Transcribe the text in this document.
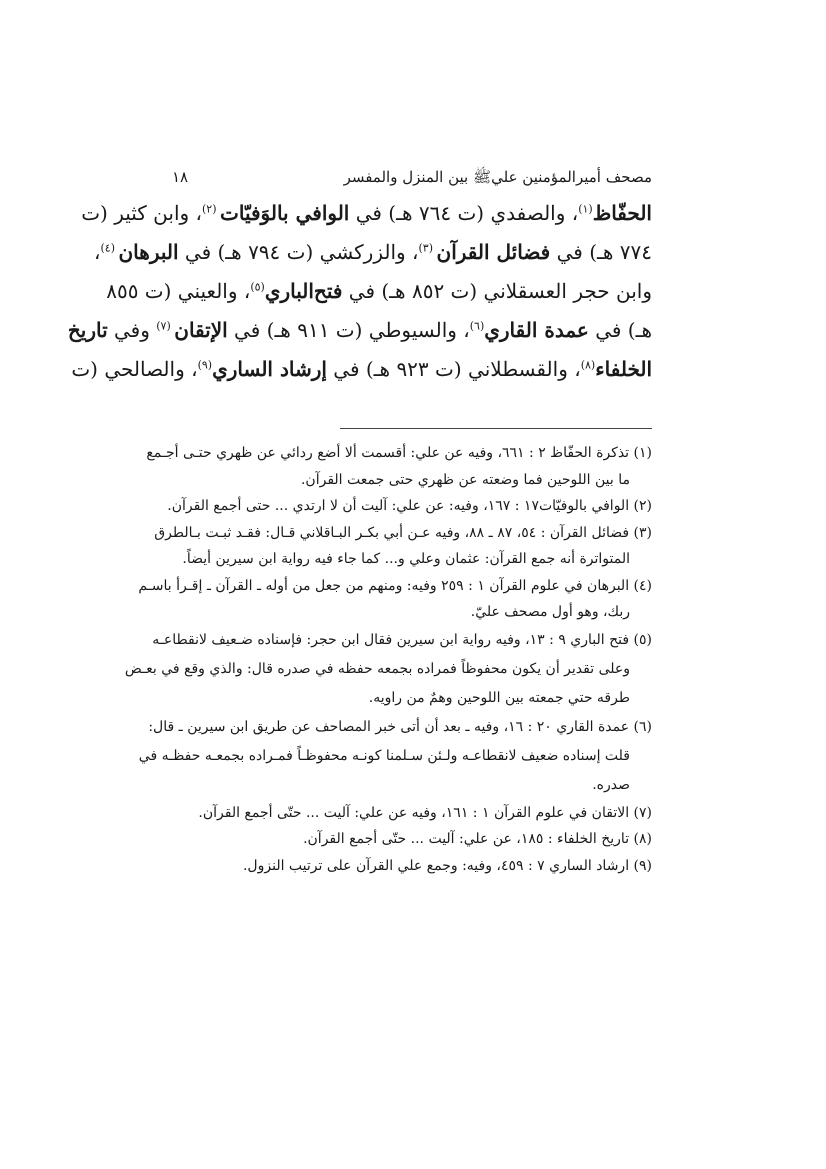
مصحف أميرالمؤمنين علي‌ﷺ بين المنزل والمفسر
١٨
الحفّاظ$^{(١)}$، والصفدي (ت ٧٦٤ هـ) في الوافي بالوَفيّات $^{(٢)}$، وابن كثير (ت
٧٧٤ هـ) في فضائل القرآن $^{(٣)}$، والزركشي (ت ٧٩٤ هـ) في البرهان $^{(٤)}$،
وابن حجر العسقلاني (ت ٨٥٢ هـ) في فتح‌الباري$^{(٥)}$، والعيني (ت ٨٥٥
هـ) في عمدة القاري$^{(٦)}$، والسيوطي (ت ٩١١ هـ) في الإتقان $^{(٧)}$ وفي تاريخ
الخلفاء$^{(٨)}$، والقسطلاني (ت ٩٢٣ هـ) في إرشاد الساري$^{(٩)}$، والصالحي (ت
(١) تذكرة الحفّاظ ٢ : ٦٦١، وفيه عن علي: أقسمت ألا أضع ردائي عن ظهري حتـى أجـمع
ما بين اللوحين فما وضعته عن ظهري حتى جمعت القرآن.
(٢) الوافي بالوفيّات١٧ : ١٦٧، وفيه: عن علي: آليت أن لا ارتدي ... حتى أجمع القرآن.
(٣) فضائل القرآن : ٥٤، ٨٧ ـ ٨٨، وفيه عـن أبي بكـر البـاقلاني قـال: فقـد ثبـت بـالطرق
المتواترة أنه جمع القرآن: عثمان وعلي و... كما جاء فيه رواية ابن سيرين أيضاً.
(٤) البرهان في علوم القرآن ١ : ٢٥٩ وفيه: ومنهم من جعل من أوله ـ القرآن ـ إقـرأ باسـم
ربك، وهو أول مصحف عليّ.
(٥) فتح الباري ٩ : ١٣، وفيه رواية ابن سيرين فقال ابن حجر: فإسناده ضـعيف لانقطاعـه
وعلى تقدير أن يكون محفوظاً فمراده بجمعه حفظه في صدره قال: والذي وقع في بعـض
طرقه حتي جمعته بين اللوحين وهمٌ من راويه.
(٦) عمدة القاري ٢٠ : ١٦، وفيه ـ بعد أن أتى خبر المصاحف عن طريق ابن سيرين ـ قال:
قلت إسناده ضعيف لانقطاعـه ولـئن سـلمنا كونـه محفوظـاً فمـراده بجمعـه حفظـه في
صدره.
(٧) الاتقان في علوم القرآن ١ : ١٦١، وفيه عن علي: آليت ... حتّى أجمع القرآن.
(٨) تاريخ الخلفاء : ١٨٥، عن علي: آليت ... حتّى أجمع القرآن.
(٩) ارشاد الساري ٧ : ٤٥٩، وفيه: وجمع علي القرآن على ترتيب النزول.
